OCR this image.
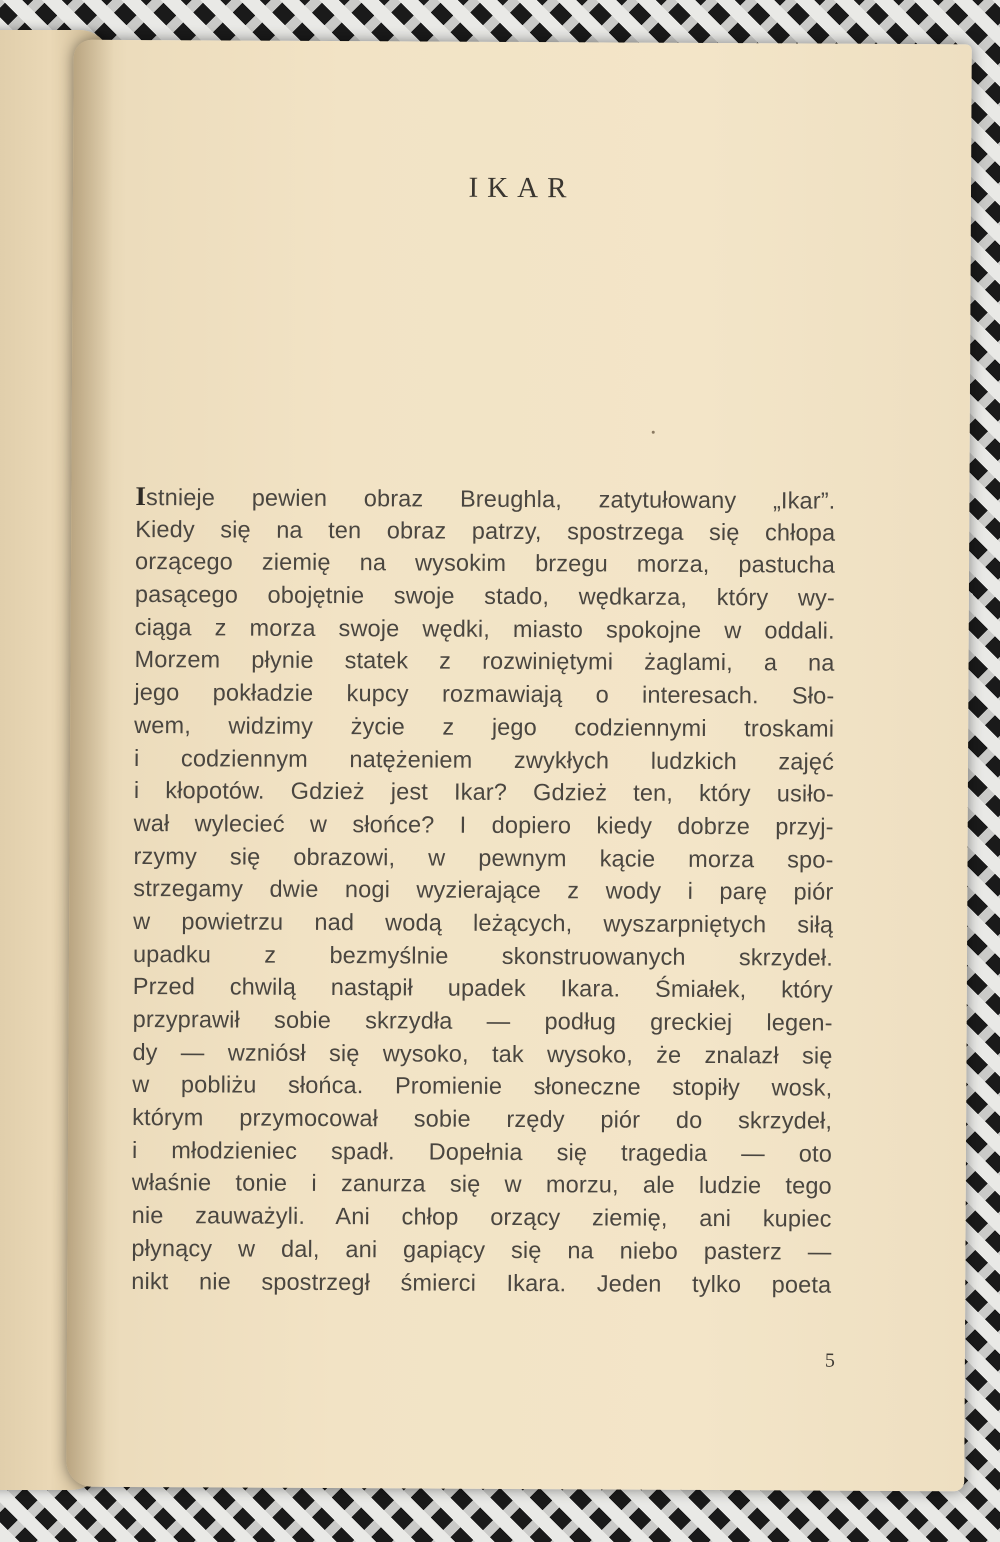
IKAR
Istnieje pewien obraz Breughla, zatytułowany „Ikar”.
Kiedy się na ten obraz patrzy, spostrzega się chłopa
orzącego ziemię na wysokim brzegu morza, pastucha
pasącego obojętnie swoje stado, wędkarza, który wy-
ciąga z morza swoje wędki, miasto spokojne w oddali.
Morzem płynie statek z rozwiniętymi żaglami, a na
jego pokładzie kupcy rozmawiają o interesach. Sło-
wem, widzimy życie z jego codziennymi troskami
i codziennym natężeniem zwykłych ludzkich zajęć
i kłopotów. Gdzież jest Ikar? Gdzież ten, który usiło-
wał wylecieć w słońce? I dopiero kiedy dobrze przyj-
rzymy się obrazowi, w pewnym kącie morza spo-
strzegamy dwie nogi wyzierające z wody i parę piór
w powietrzu nad wodą leżących, wyszarpniętych siłą
upadku z bezmyślnie skonstruowanych skrzydeł.
Przed chwilą nastąpił upadek Ikara. Śmiałek, który
przyprawił sobie skrzydła — podług greckiej legen-
dy — wzniósł się wysoko, tak wysoko, że znalazł się
w pobliżu słońca. Promienie słoneczne stopiły wosk,
którym przymocował sobie rzędy piór do skrzydeł,
i młodzieniec spadł. Dopełnia się tragedia — oto
właśnie tonie i zanurza się w morzu, ale ludzie tego
nie zauważyli. Ani chłop orzący ziemię, ani kupiec
płynący w dal, ani gapiący się na niebo pasterz —
nikt nie spostrzegł śmierci Ikara. Jeden tylko poeta
5
